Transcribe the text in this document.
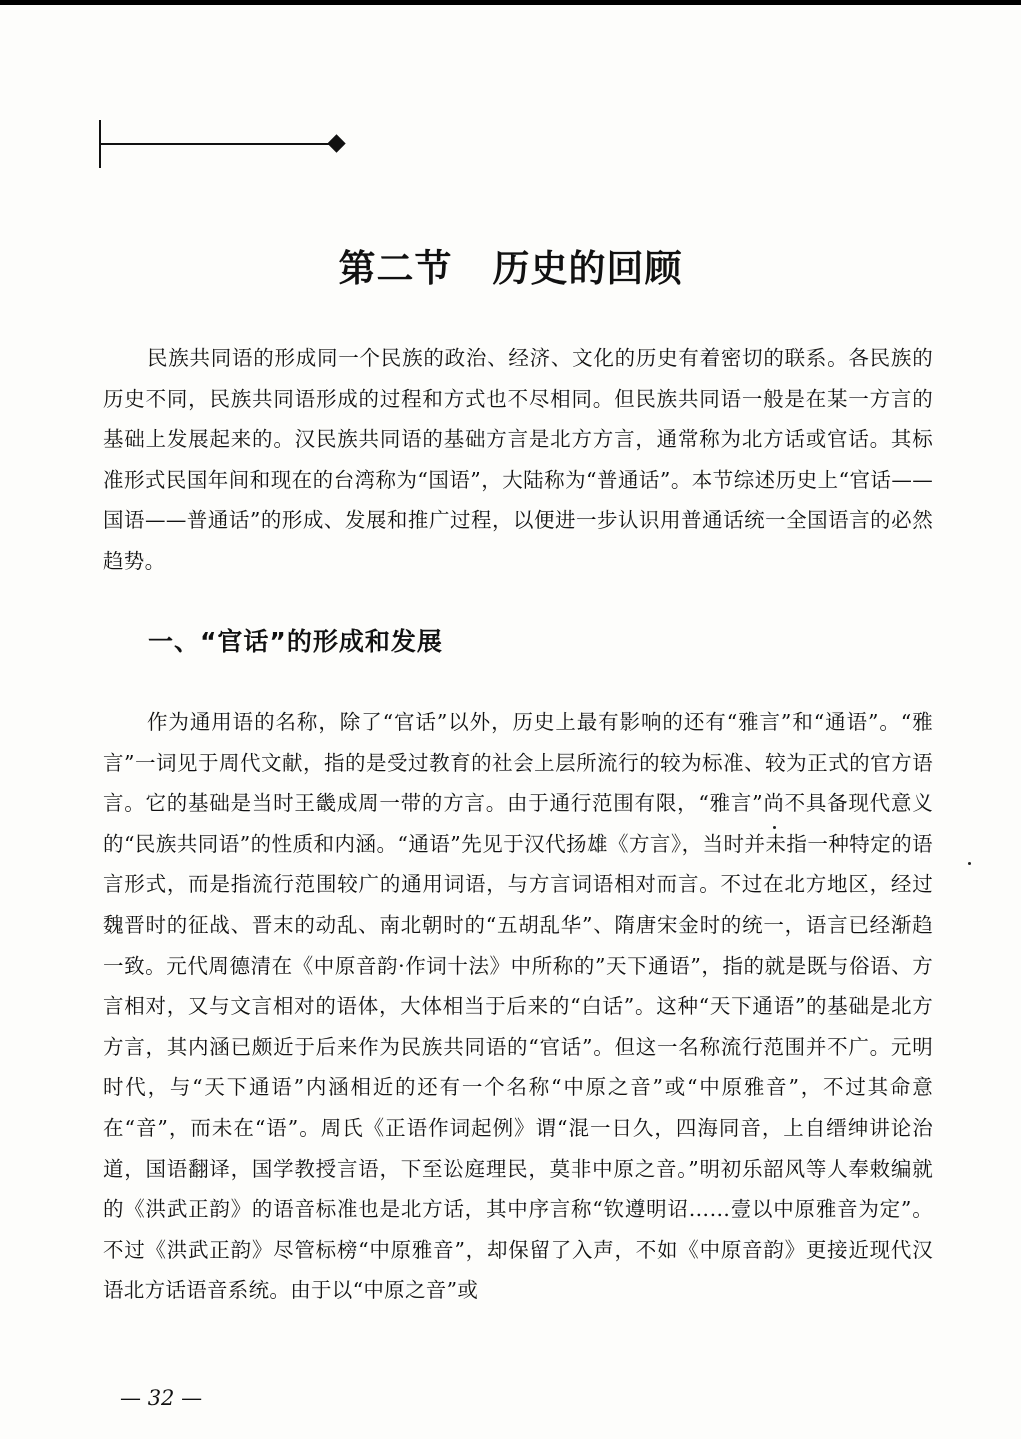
第二节 历史的回顾
民族共同语的形成同一个民族的政治、经济、文化的历史有着密切的联系。各民族的历史不同，民族共同语形成的过程和方式也不尽相同。但民族共同语一般是在某一方言的基础上发展起来的。汉民族共同语的基础方言是北方方言，通常称为北方话或官话。其标准形式民国年间和现在的台湾称为“国语”，大陆称为“普通话”。本节综述历史上“官话——国语——普通话”的形成、发展和推广过程，以便进一步认识用普通话统一全国语言的必然趋势。
一、“官话”的形成和发展
作为通用语的名称，除了“官话”以外，历史上最有影响的还有“雅言”和“通语”。“雅言”一词见于周代文献，指的是受过教育的社会上层所流行的较为标准、较为正式的官方语言。它的基础是当时王畿成周一带的方言。由于通行范围有限，“雅言”尚不具备现代意义的“民族共同语”的性质和内涵。“通语”先见于汉代扬雄《方言》，当时并未指一种特定的语言形式，而是指流行范围较广的通用词语，与方言词语相对而言。不过在北方地区，经过魏晋时的征战、晋末的动乱、南北朝时的“五胡乱华”、隋唐宋金时的统一，语言已经渐趋一致。元代周德清在《中原音韵·作词十法》中所称的”天下通语”，指的就是既与俗语、方言相对，又与文言相对的语体，大体相当于后来的“白话”。这种“天下通语”的基础是北方方言，其内涵已颇近于后来作为民族共同语的“官话”。但这一名称流行范围并不广。元明时代，与“天下通语”内涵相近的还有一个名称“中原之音”或“中原雅音”，不过其命意在“音”，而未在“语”。周氏《正语作词起例》谓“混一日久，四海同音，上自缙绅讲论治道，国语翻译，国学教授言语，下至讼庭理民，莫非中原之音。”明初乐韶风等人奉敕编就的《洪武正韵》的语音标准也是北方话，其中序言称“钦遵明诏……壹以中原雅音为定”。不过《洪武正韵》尽管标榜“中原雅音”，却保留了入声，不如《中原音韵》更接近现代汉语北方话语音系统。由于以“中原之音”或
— 32 —
